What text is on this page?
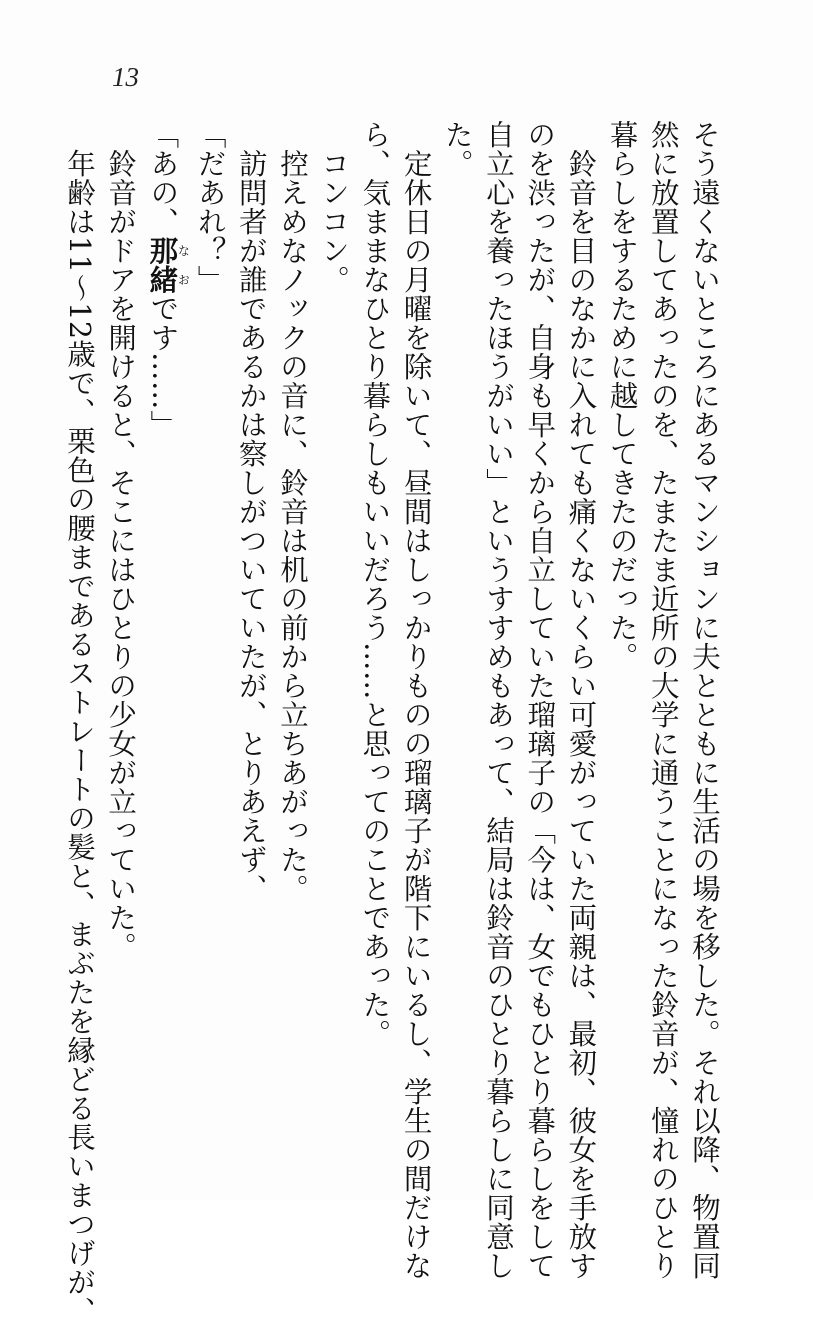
13
そう遠くないところにあるマンションに夫とともに生活の場を移した。それ以降、物置同
然に放置してあったのを、たまたま近所の大学に通うことになった鈴音が、憧れのひとり
暮らしをするために越してきたのだった。
　鈴音を目のなかに入れても痛くないくらい可愛がっていた両親は、最初、彼女を手放す
のを渋ったが、自身も早くから自立していた瑠璃子の「今は、女でもひとり暮らしをして
自立心を養ったほうがいい」というすすめもあって、結局は鈴音のひとり暮らしに同意し
た。
　定休日の月曜を除いて、昼間はしっかりものの瑠璃子が階下にいるし、学生の間だけな
ら、気ままなひとり暮らしもいいだろう……と思ってのことであった。
　コンコン。
　控えめなノックの音に、鈴音は机の前から立ちあがった。
　訪問者が誰であるかは察しがついていたが、とりあえず、
「だあれ？」
「あの、那緒なおです……」
　鈴音がドアを開けると、そこにはひとりの少女が立っていた。
　年齢は11〜12歳で、栗色の腰まであるストレートの髪と、まぶたを縁どる長いまつげが、
